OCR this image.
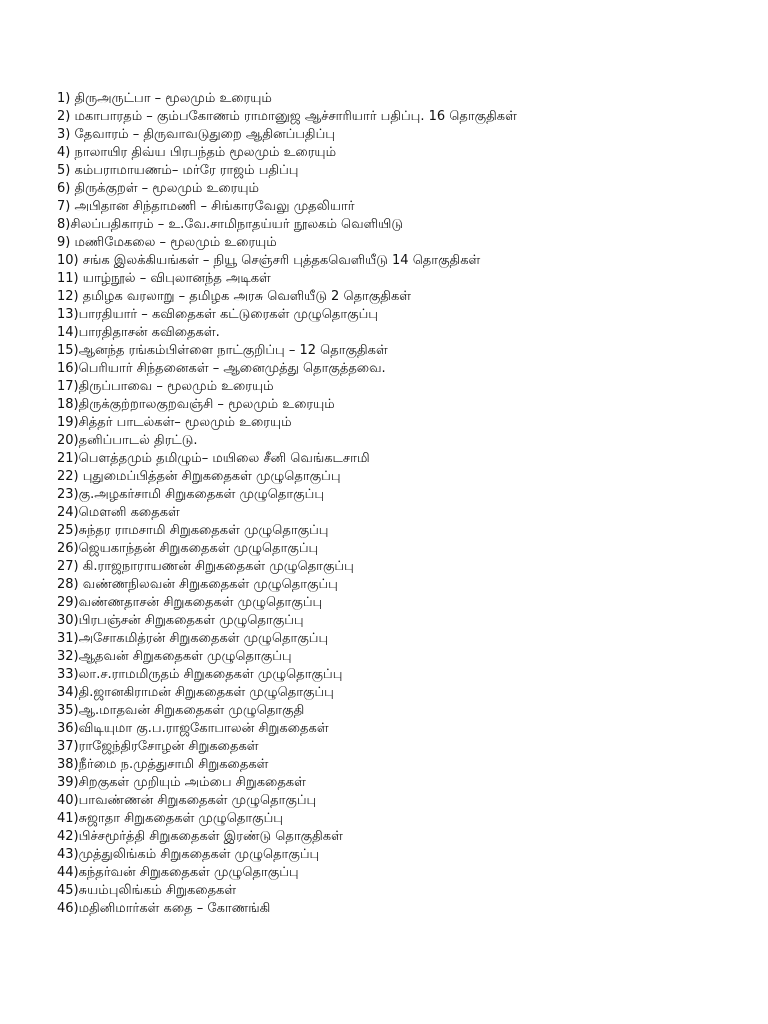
1) திருஅருட்பா – மூலமும் உரையும்
2) மகாபாரதம் – கும்பகோணம் ராமானுஜ ஆச்சாரியார் பதிப்பு. 16 தொகுதிகள்
3) தேவாரம் – திருவாவடுதுறை ஆதினப்பதிப்பு
4) நாலாயிர திவ்ய பிரபந்தம் மூலமும் உரையும்
5) கம்பராமாயணம்– மர்ரே ராஜம் பதிப்பு
6) திருக்குறள் – மூலமும் உரையும்
7) அபிதான சிந்தாமணி – சிங்காரவேலு முதலியார்
8)சிலப்பதிகாரம் – உ.வே.சாமிநாதய்யர் நூலகம் வெளியிடு
9) மணிமேகலை – மூலமும் உரையும்
10) சங்க இலக்கியங்கள் – நியூ செஞ்சரி புத்தகவெளியீடு 14 தொகுதிகள்
11) யாழ்நூல் – விபுலானந்த அடிகள்
12) தமிழக வரலாறு – தமிழக அரசு வெளியீடு 2 தொகுதிகள்
13)பாரதியார் – கவிதைகள் கட்டுரைகள் முழுதொகுப்பு
14)பாரதிதாசன் கவிதைகள்.
15)ஆனந்த ரங்கம்பிள்ளை நாட்குறிப்பு – 12 தொகுதிகள்
16)பெரியார் சிந்தனைகள் – ஆனைமுத்து தொகுத்தவை.
17)திருப்பாவை – மூலமும் உரையும்
18)திருக்குற்றாலகுறவஞ்சி – மூலமும் உரையும்
19)சித்தர் பாடல்கள்– மூலமும் உரையும்
20)தனிப்பாடல் திரட்டு.
21)பௌத்தமும் தமிழும்– மயிலை சீனி வெங்கடசாமி
22) புதுமைப்பித்தன் சிறுகதைகள் முழுதொகுப்பு
23)கு.அழகர்சாமி சிறுகதைகள் முழுதொகுப்பு
24)மௌனி கதைகள்
25)சுந்தர ராமசாமி சிறுகதைகள் முழுதொகுப்பு
26)ஜெயகாந்தன் சிறுகதைகள் முழுதொகுப்பு
27) கி.ராஜநாராயணன் சிறுகதைகள் முழுதொகுப்பு
28) வண்ணநிலவன் சிறுகதைகள் முழுதொகுப்பு
29)வண்ணதாசன் சிறுகதைகள் முழுதொகுப்பு
30)பிரபஞ்சன் சிறுகதைகள் முழுதொகுப்பு
31)அசோகமித்ரன் சிறுகதைகள் முழுதொகுப்பு
32)ஆதவன் சிறுகதைகள் முழுதொகுப்பு
33)லா.ச.ராமமிருதம் சிறுகதைகள் முழுதொகுப்பு
34)தி.ஜானகிராமன் சிறுகதைகள் முழுதொகுப்பு
35)ஆ.மாதவன் சிறுகதைகள் முழுதொகுதி
36)விடியுமா கு.ப.ராஜகோபாலன் சிறுகதைகள்
37)ராஜேந்திரசோழன் சிறுகதைகள்
38)நீர்மை ந.முத்துசாமி சிறுகதைகள்
39)சிறகுகள் முறியும் அம்பை சிறுகதைகள்
40)பாவண்ணன் சிறுகதைகள் முழுதொகுப்பு
41)சுஜாதா சிறுகதைகள் முழுதொகுப்பு
42)பிச்சமூர்த்தி சிறுகதைகள் இரண்டு தொகுதிகள்
43)முத்துலிங்கம் சிறுகதைகள் முழுதொகுப்பு
44)கந்தர்வன் சிறுகதைகள் முழுதொகுப்பு
45)சுயம்புலிங்கம் சிறுகதைகள்
46)மதினிமார்கள் கதை – கோணங்கி
